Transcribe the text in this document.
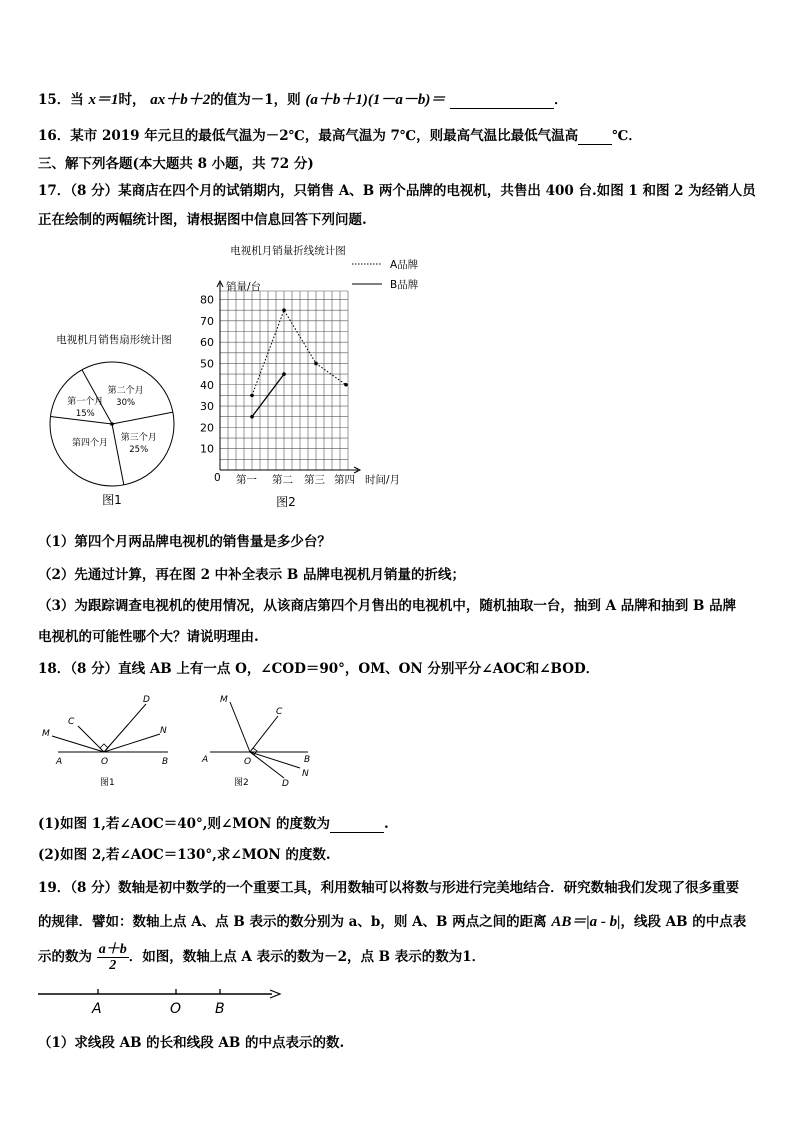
15．当 x＝1时， ax＋b＋2的值为－1，则 (a＋b＋1)(1－a－b)＝	．
16．某市 2019 年元旦的最低气温为－2℃，最高气温为 7℃，则最高气温比最低气温高	℃．
三、解下列各题(本大题共 8 小题，共 72 分)
17．（8 分）某商店在四个月的试销期内，只销售 A、B 两个品牌的电视机，共售出 400 台.如图 1 和图 2 为经销人员
正在绘制的两幅统计图，请根据图中信息回答下列问题.
电视机月销售扇形统计图
第一个月
15%
第二个月
30%
第三个月
25%
第四个月
图1
电视机月销量折线统计图
A品牌
B品牌
销量/台
10
20
30
40
50
60
70
80
第一 第二 第三 第四 时间/月
0
图2
（1）第四个月两品牌电视机的销售量是多少台？
（2）先通过计算，再在图 2 中补全表示 B 品牌电视机月销量的折线；
（3）为跟踪调查电视机的使用情况，从该商店第四个月售出的电视机中，随机抽取一台，抽到 A 品牌和抽到 B 品牌
电视机的可能性哪个大？请说明理由.
18．（8 分）直线 AB 上有一点 O，∠COD＝90°，OM、ON 分别平分∠AOC和∠BOD．
A	B
O
C
D
M	N
图1
A	B
O
C
D
M
N
图2
(1)如图 1,若∠AOC＝40°,则∠MON 的度数为	.
(2)如图 2,若∠AOC＝130°,求∠MON 的度数.
19．（8 分）数轴是初中数学的一个重要工具，利用数轴可以将数与形进行完美地结合．研究数轴我们发现了很多重要
的规律．譬如：数轴上点 A、点 B 表示的数分别为 a、b，则 A、B 两点之间的距离 AB＝|a - b|，线段 AB 的中点表
示的数为 $\frac{a+b}{2}$ ．如图，数轴上点 A 表示的数为－2，点 B 表示的数为1．
A	O B
（1）求线段 AB 的长和线段 AB 的中点表示的数.
